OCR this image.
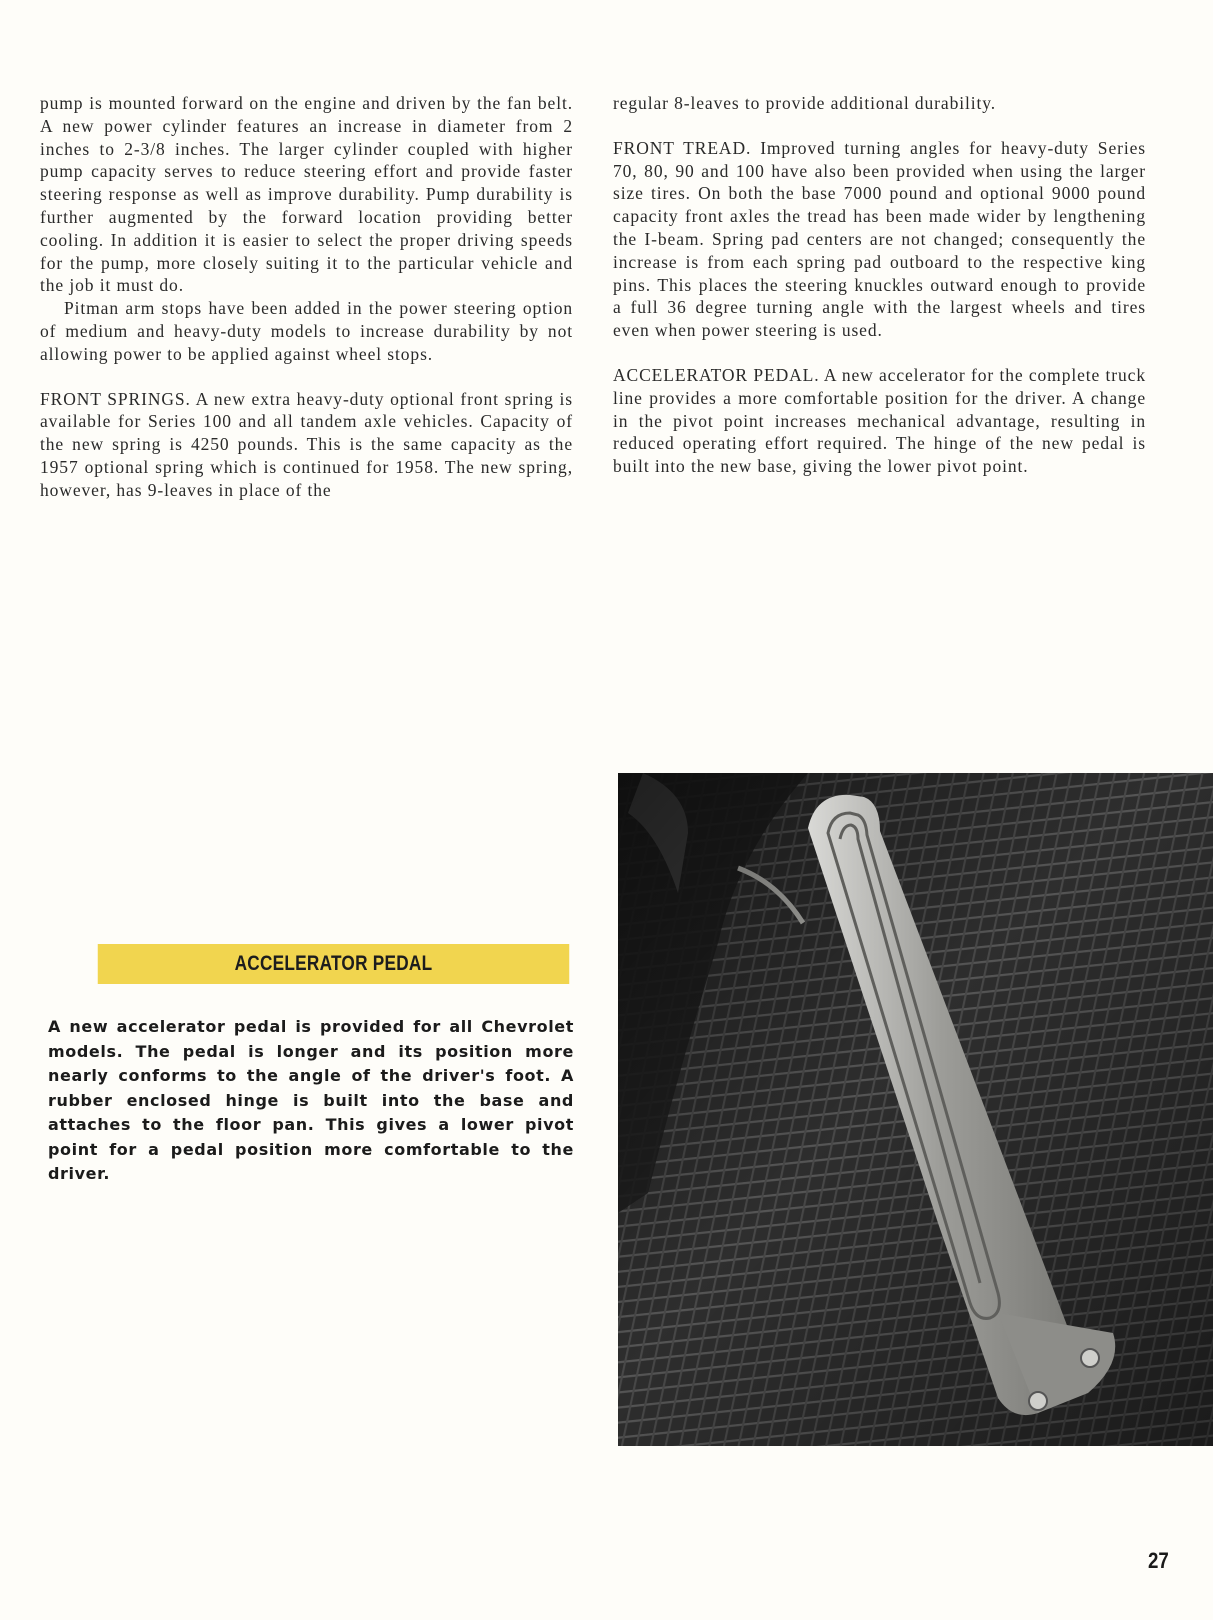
pump is mounted forward on the engine and driven by the fan belt. A new power cylinder features an increase in diameter from 2 inches to 2-3/8 inches. The larger cylinder coupled with higher pump capacity serves to reduce steering effort and provide faster steering response as well as improve durability. Pump durability is further augmented by the forward location providing better cooling. In addition it is easier to select the proper driving speeds for the pump, more closely suiting it to the particular vehicle and the job it must do.

Pitman arm stops have been added in the power steering option of medium and heavy-duty models to increase durability by not allowing power to be applied against wheel stops.

FRONT SPRINGS. A new extra heavy-duty optional front spring is available for Series 100 and all tandem axle vehicles. Capacity of the new spring is 4250 pounds. This is the same capacity as the 1957 optional spring which is continued for 1958. The new spring, however, has 9-leaves in place of the

regular 8-leaves to provide additional durability.

FRONT TREAD. Improved turning angles for heavy-duty Series 70, 80, 90 and 100 have also been provided when using the larger size tires. On both the base 7000 pound and optional 9000 pound capacity front axles the tread has been made wider by lengthening the I-beam. Spring pad centers are not changed; consequently the increase is from each spring pad outboard to the respective king pins. This places the steering knuckles outward enough to provide a full 36 degree turning angle with the largest wheels and tires even when power steering is used.

ACCELERATOR PEDAL. A new accelerator for the complete truck line provides a more comfortable position for the driver. A change in the pivot point increases mechanical advantage, resulting in reduced operating effort required. The hinge of the new pedal is built into the new base, giving the lower pivot point.

ACCELERATOR PEDAL
A new accelerator pedal is provided for all Chevrolet models. The pedal is longer and its position more nearly conforms to the angle of the driver's foot. A rubber enclosed hinge is built into the base and attaches to the floor pan. This gives a lower pivot point for a pedal position more comfortable to the driver.
27
